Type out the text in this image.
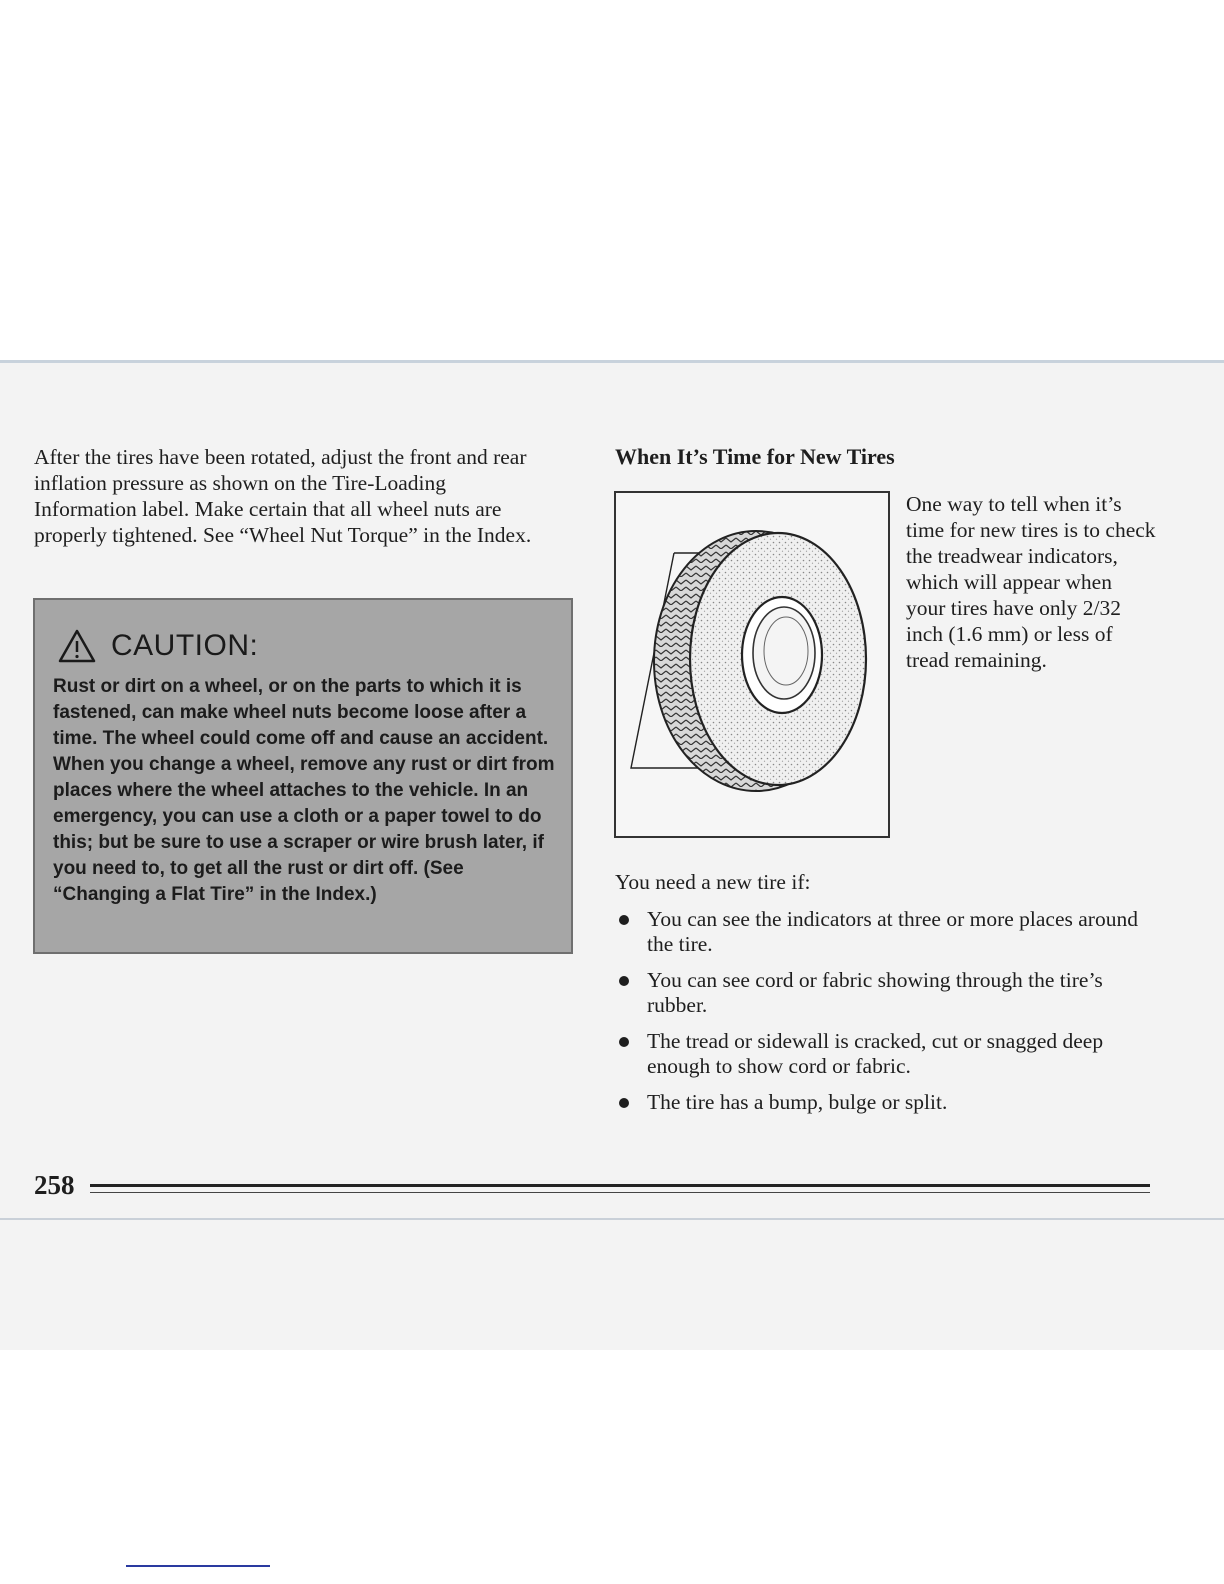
After the tires have been rotated, adjust the front and rear inflation pressure as shown on the Tire-Loading Information label. Make certain that all wheel nuts are properly tightened. See “Wheel Nut Torque” in the Index.

CAUTION:

Rust or dirt on a wheel, or on the parts to which it is fastened, can make wheel nuts become loose after a time. The wheel could come off and cause an accident. When you change a wheel, remove any rust or dirt from places where the wheel attaches to the vehicle. In an emergency, you can use a cloth or a paper towel to do this; but be sure to use a scraper or wire brush later, if you need to, to get all the rust or dirt off. (See “Changing a Flat Tire” in the Index.)

When It’s Time for New Tires

One way to tell when it’s time for new tires is to check the treadwear indicators, which will appear when your tires have only 2/32 inch (1.6 mm) or less of tread remaining.

You need a new tire if:

You can see the indicators at three or more places around the tire.
You can see cord or fabric showing through the tire’s rubber.
The tread or sidewall is cracked, cut or snagged deep enough to show cord or fabric.
The tire has a bump, bulge or split.

258
